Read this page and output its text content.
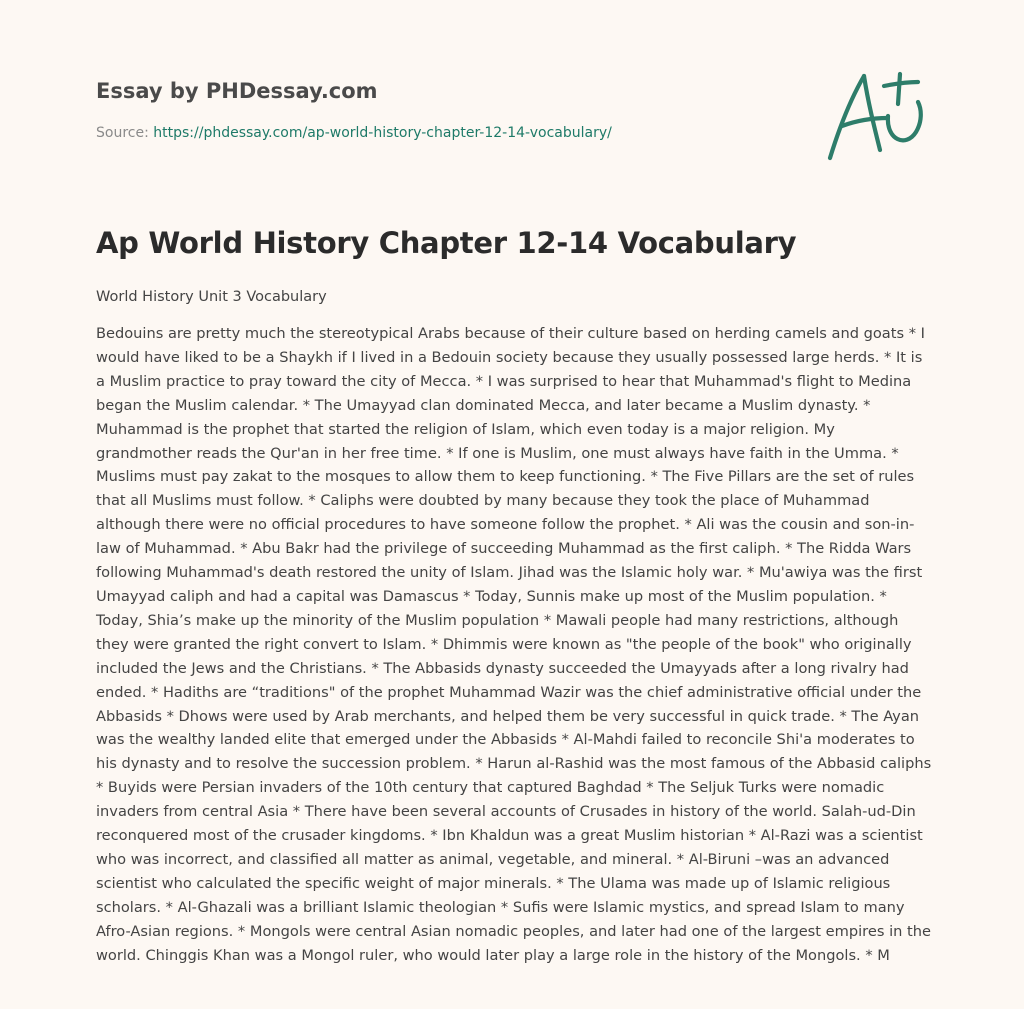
Essay by PHDessay.com
Source: https://phdessay.com/ap-world-history-chapter-12-14-vocabulary/
Ap World History Chapter 12-14 Vocabulary

World History Unit 3 Vocabulary

Bedouins are pretty much the stereotypical Arabs because of their culture based on herding camels and goats * I would have liked to be a Shaykh if I lived in a Bedouin society because they usually possessed large herds. * It is a Muslim practice to pray toward the city of Mecca. * I was surprised to hear that Muhammad's flight to Medina began the Muslim calendar. * The Umayyad clan dominated Mecca, and later became a Muslim dynasty. * Muhammad is the prophet that started the religion of Islam, which even today is a major religion. My grandmother reads the Qur'an in her free time. * If one is Muslim, one must always have faith in the Umma. * Muslims must pay zakat to the mosques to allow them to keep functioning. * The Five Pillars are the set of rules that all Muslims must follow. * Caliphs were doubted by many because they took the place of Muhammad although there were no official procedures to have someone follow the prophet. * Ali was the cousin and son-in-law of Muhammad. * Abu Bakr had the privilege of succeeding Muhammad as the first caliph. * The Ridda Wars following Muhammad's death restored the unity of Islam. Jihad was the Islamic holy war. * Mu'awiya was the first Umayyad caliph and had a capital was Damascus * Today, Sunnis make up most of the Muslim population. * Today, Shia’s make up the minority of the Muslim population * Mawali people had many restrictions, although they were granted the right convert to Islam. * Dhimmis were known as "the people of the book" who originally included the Jews and the Christians. * The Abbasids dynasty succeeded the Umayyads after a long rivalry had ended. * Hadiths are “traditions" of the prophet Muhammad Wazir was the chief administrative official under the Abbasids * Dhows were used by Arab merchants, and helped them be very successful in quick trade. * The Ayan was the wealthy landed elite that emerged under the Abbasids * Al-Mahdi failed to reconcile Shi'a moderates to his dynasty and to resolve the succession problem. * Harun al-Rashid was the most famous of the Abbasid caliphs * Buyids were Persian invaders of the 10th century that captured Baghdad * The Seljuk Turks were nomadic invaders from central Asia * There have been several accounts of Crusades in history of the world. Salah-ud-Din reconquered most of the crusader kingdoms. * Ibn Khaldun was a great Muslim historian * Al-Razi was a scientist who was incorrect, and classified all matter as animal, vegetable, and mineral. * Al-Biruni –was an advanced scientist who calculated the specific weight of major minerals. * The Ulama was made up of Islamic religious scholars. * Al-Ghazali was a brilliant Islamic theologian * Sufis were Islamic mystics, and spread Islam to many Afro-Asian regions. * Mongols were central Asian nomadic peoples, and later had one of the largest empires in the world. Chinggis Khan was a Mongol ruler, who would later play a large role in the history of the Mongols. * M
